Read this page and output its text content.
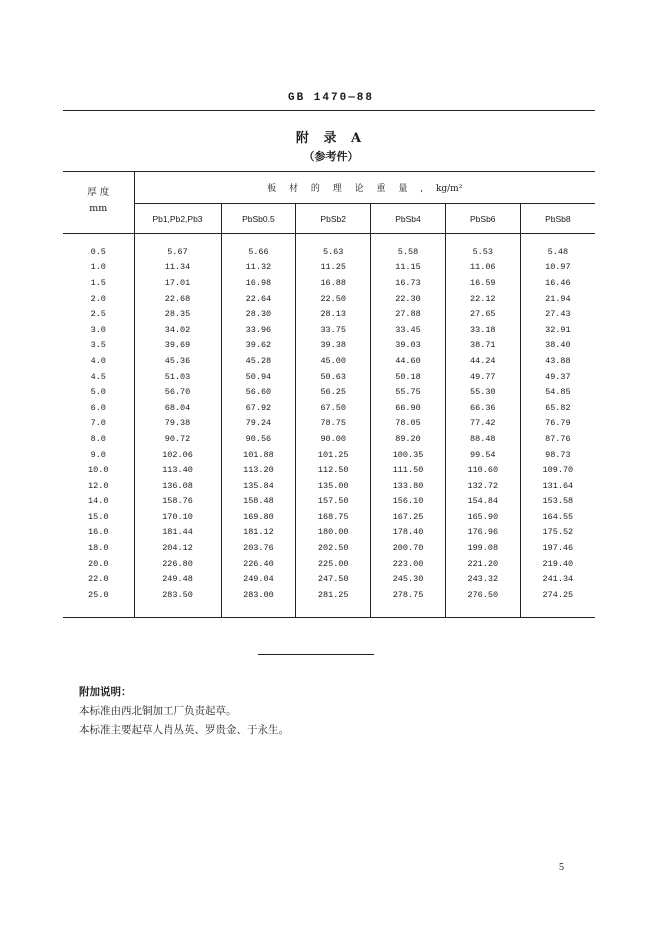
GB 1470—88
附 录 A
（参考件）
厚 度
mm	板 材 的 理 论 重 量 , kg/m²					
	Pb1,Pb2,Pb3	PbSb0.5	PbSb2	PbSb4	PbSb6	PbSb8

0.5	5.67	5.66	5.63	5.58	5.53	5.48
1.0	11.34	11.32	11.25	11.15	11.06	10.97
1.5	17.01	16.98	16.88	16.73	16.59	16.46
2.0	22.68	22.64	22.50	22.30	22.12	21.94
2.5	28.35	28.30	28.13	27.88	27.65	27.43
3.0	34.02	33.96	33.75	33.45	33.18	32.91
3.5	39.69	39.62	39.38	39.03	38.71	38.40
4.0	45.36	45.28	45.00	44.60	44.24	43.88
4.5	51.03	50.94	50.63	50.18	49.77	49.37
5.0	56.70	56.60	56.25	55.75	55.30	54.85
6.0	68.04	67.92	67.50	66.90	66.36	65.82
7.0	79.38	79.24	78.75	78.05	77.42	76.79
8.0	90.72	90.56	90.00	89.20	88.48	87.76
9.0	102.06	101.88	101.25	100.35	99.54	98.73
10.0	113.40	113.20	112.50	111.50	110.60	109.70
12.0	136.08	135.84	135.00	133.80	132.72	131.64
14.0	158.76	158.48	157.50	156.10	154.84	153.58
15.0	170.10	169.80	168.75	167.25	165.90	164.55
16.0	181.44	181.12	180.00	178.40	176.96	175.52
18.0	204.12	203.76	202.50	200.70	199.08	197.46
20.0	226.80	226.40	225.00	223.00	221.20	219.40
22.0	249.48	249.04	247.50	245.30	243.32	241.34
25.0	283.50	283.00	281.25	278.75	276.50	274.25
附加说明：
本标准由西北铜加工厂负责起草。
本标准主要起草人肖丛英、罗贵金、于永生。
5
